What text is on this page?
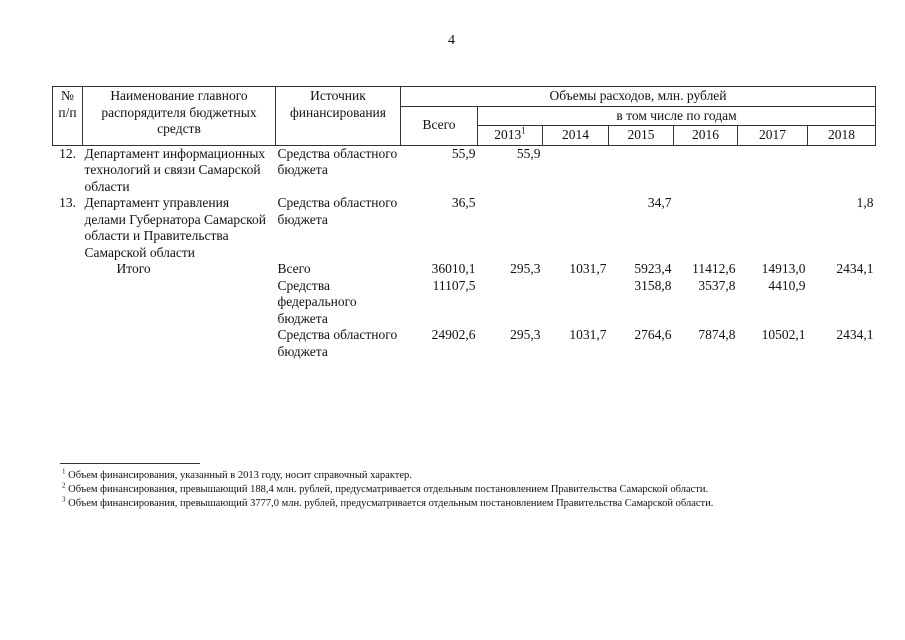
4
№ п/п	Наименование главного распорядителя бюджетных средств	Источник финансирования	Объемы расходов, млн. рублей						
			Всего	в том числе по годам					
				2013$^1$	2014	2015	2016	2017	2018
12.	Департамент информационных технологий и связи Самарской области	Средства областного бюджета	55,9	55,9					
13.	Департамент управления делами Губернатора Самарской области и Правительства Самарской области	Средства областного бюджета	36,5			34,7			1,8
	Итого	Всего	36010,1	295,3	1031,7	5923,4	11412,6	14913,0	2434,1
		Средства федерального бюджета	11107,5			3158,8	3537,8	4410,9	
		Средства областного бюджета	24902,6	295,3	1031,7	2764,6	7874,8	10502,1	2434,1
$^1$ Объем финансирования, указанный в 2013 году, носит справочный характер.
$^2$ Объем финансирования, превышающий 188,4 млн. рублей, предусматривается отдельным постановлением Правительства Самарской области.
$^3$ Объем финансирования, превышающий 3777,0 млн. рублей, предусматривается отдельным постановлением Правительства Самарской области.
